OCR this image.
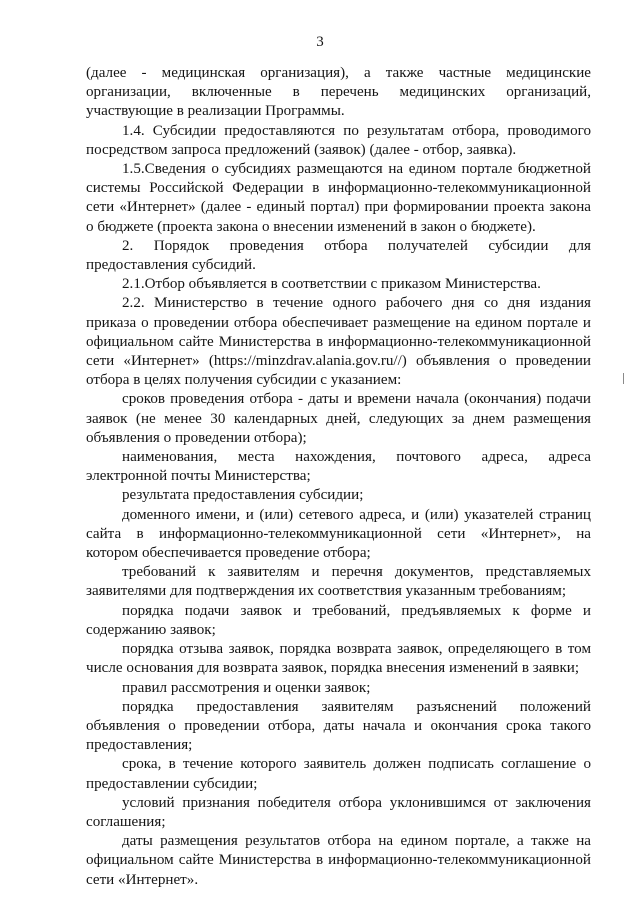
3
(далее - медицинская организация), а также частные медицинские
организации, включенные в перечень медицинских организаций,
участвующие в реализации Программы.
1.4. Субсидии предоставляются по результатам отбора, проводимого
посредством запроса предложений (заявок) (далее - отбор, заявка).
1.5.Сведения о субсидиях размещаются на едином портале бюджетной
системы Российской Федерации в информационно-телекоммуникационной
сети «Интернет» (далее - единый портал) при формировании проекта закона
о бюджете (проекта закона о внесении изменений в закон о бюджете).
2. Порядок проведения отбора получателей субсидии для
предоставления субсидий.
2.1.Отбор объявляется в соответствии с приказом Министерства.
2.2. Министерство в течение одного рабочего дня со дня издания
приказа о проведении отбора обеспечивает размещение на едином портале и
официальном сайте Министерства в информационно-телекоммуникационной
сети «Интернет» (https://minzdrav.alania.gov.ru//) объявления о проведении
отбора в целях получения субсидии с указанием:
сроков проведения отбора - даты и времени начала (окончания) подачи
заявок (не менее 30 календарных дней, следующих за днем размещения
объявления о проведении отбора);
наименования, места нахождения, почтового адреса, адреса
электронной почты Министерства;
результата предоставления субсидии;
доменного имени, и (или) сетевого адреса, и (или) указателей страниц
сайта в информационно-телекоммуникационной сети «Интернет», на
котором обеспечивается проведение отбора;
требований к заявителям и перечня документов, представляемых
заявителями для подтверждения их соответствия указанным требованиям;
порядка подачи заявок и требований, предъявляемых к форме и
содержанию заявок;
порядка отзыва заявок, порядка возврата заявок, определяющего в том
числе основания для возврата заявок, порядка внесения изменений в заявки;
правил рассмотрения и оценки заявок;
порядка предоставления заявителям разъяснений положений
объявления о проведении отбора, даты начала и окончания срока такого
предоставления;
срока, в течение которого заявитель должен подписать соглашение о
предоставлении субсидии;
условий признания победителя отбора уклонившимся от заключения
соглашения;
даты размещения результатов отбора на едином портале, а также на
официальном сайте Министерства в информационно-телекоммуникационной
сети «Интернет».
